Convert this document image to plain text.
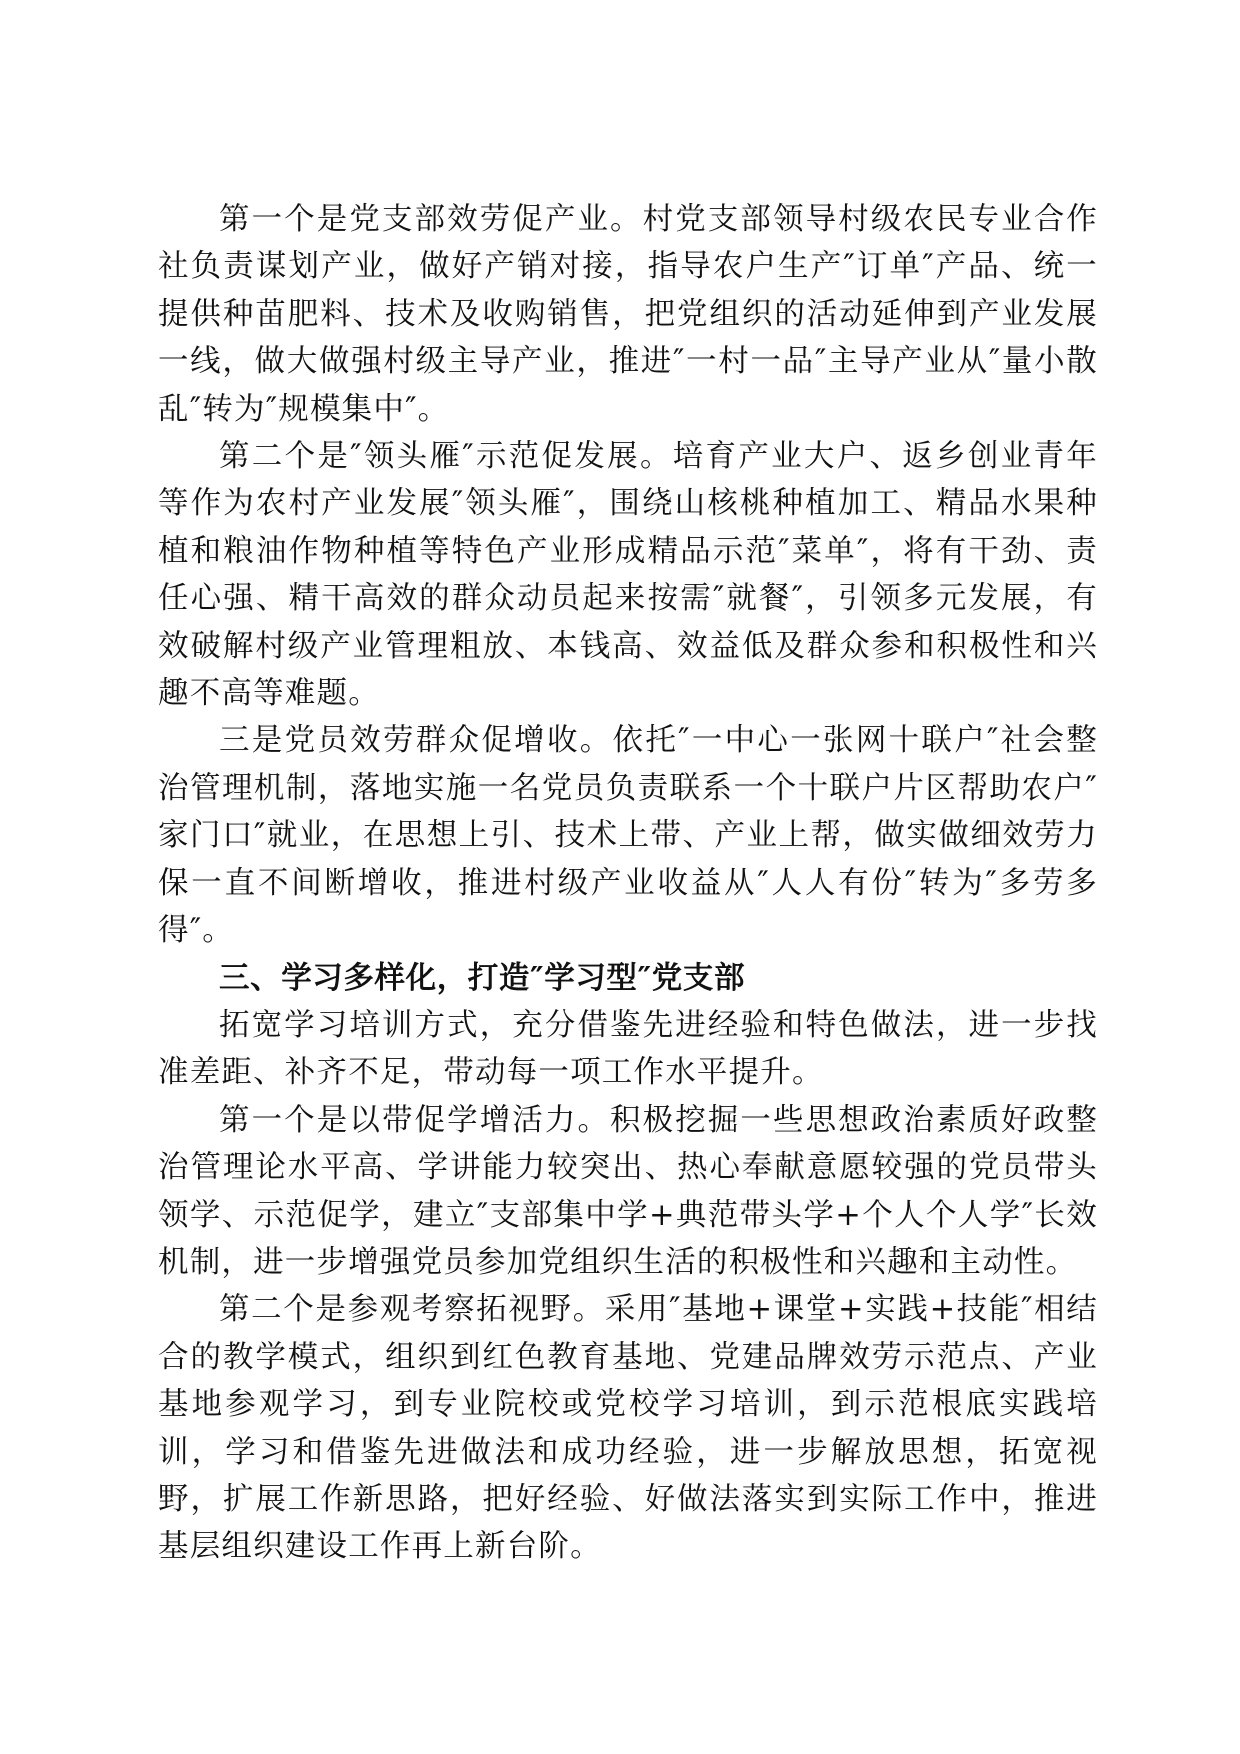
第一个是党支部效劳促产业。村党支部领导村级农民专业合作社负责谋划产业，做好产销对接，指导农户生产″订单″产品、统一提供种苗肥料、技术及收购销售，把党组织的活动延伸到产业发展一线，做大做强村级主导产业，推进″一村一品″主导产业从″量小散乱″转为″规模集中″。

第二个是″领头雁″示范促发展。培育产业大户、返乡创业青年等作为农村产业发展″领头雁″，围绕山核桃种植加工、精品水果种植和粮油作物种植等特色产业形成精品示范″菜单″，将有干劲、责任心强、精干高效的群众动员起来按需″就餐″，引领多元发展，有效破解村级产业管理粗放、本钱高、效益低及群众参和积极性和兴趣不高等难题。

三是党员效劳群众促增收。依托″一中心一张网十联户″社会整治管理机制，落地实施一名党员负责联系一个十联户片区帮助农户″家门口″就业，在思想上引、技术上带、产业上帮，做实做细效劳力保一直不间断增收，推进村级产业收益从″人人有份″转为″多劳多得″。

三、学习多样化，打造″学习型″党支部

拓宽学习培训方式，充分借鉴先进经验和特色做法，进一步找准差距、补齐不足，带动每一项工作水平提升。

第一个是以带促学增活力。积极挖掘一些思想政治素质好政整治管理论水平高、学讲能力较突出、热心奉献意愿较强的党员带头领学、示范促学，建立″支部集中学+典范带头学+个人个人学″长效机制，进一步增强党员参加党组织生活的积极性和兴趣和主动性。

第二个是参观考察拓视野。采用″基地+课堂+实践+技能″相结合的教学模式，组织到红色教育基地、党建品牌效劳示范点、产业基地参观学习，到专业院校或党校学习培训，到示范根底实践培训，学习和借鉴先进做法和成功经验，进一步解放思想，拓宽视野，扩展工作新思路，把好经验、好做法落实到实际工作中，推进基层组织建设工作再上新台阶。
